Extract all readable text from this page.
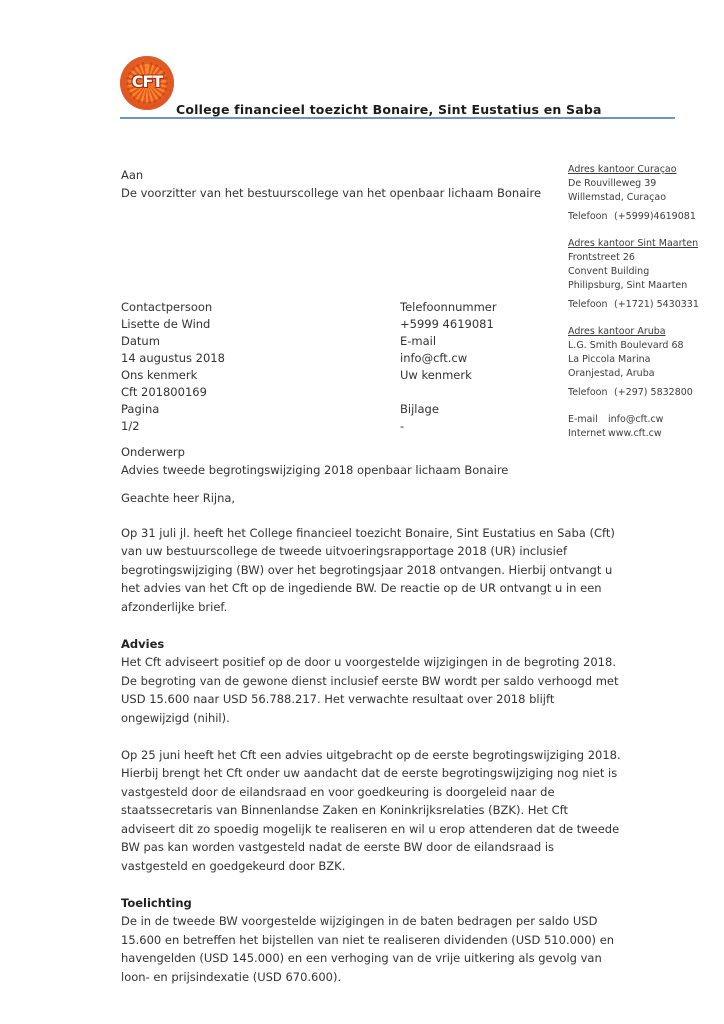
CFT
College financieel toezicht Bonaire, Sint Eustatius en Saba
Aan
De voorzitter van het bestuurscollege van het openbaar lichaam Bonaire
Adres kantoor Curaçao
De Rouvilleweg 39
Willemstad, Curaçao
Telefoon (+5999)4619081
Adres kantoor Sint Maarten
Frontstreet 26
Convent Building
Philipsburg, Sint Maarten
Telefoon (+1721) 5430331
Adres kantoor Aruba
L.G. Smith Boulevard 68
La Piccola Marina
Oranjestad, Aruba
Telefoon (+297) 5832800
E-mail info@cft.cw
Internet www.cft.cw
Contactpersoon
Lisette de Wind
Datum
14 augustus 2018
Ons kenmerk
Cft 201800169
Pagina
1/2
Telefoonnummer
+5999 4619081
E-mail
info@cft.cw
Uw kenmerk
Bijlage
-
Onderwerp
Advies tweede begrotingswijziging 2018 openbaar lichaam Bonaire
Geachte heer Rijna,

Op 31 juli jl. heeft het College financieel toezicht Bonaire, Sint Eustatius en Saba (Cft) van uw bestuurscollege de tweede uitvoeringsrapportage 2018 (UR) inclusief begrotingswijziging (BW) over het begrotingsjaar 2018 ontvangen. Hierbij ontvangt u het advies van het Cft op de ingediende BW. De reactie op de UR ontvangt u in een afzonderlijke brief.

Advies

Het Cft adviseert positief op de door u voorgestelde wijzigingen in de begroting 2018. De begroting van de gewone dienst inclusief eerste BW wordt per saldo verhoogd met USD 15.600 naar USD 56.788.217. Het verwachte resultaat over 2018 blijft ongewijzigd (nihil).

Op 25 juni heeft het Cft een advies uitgebracht op de eerste begrotingswijziging 2018. Hierbij brengt het Cft onder uw aandacht dat de eerste begrotingswijziging nog niet is vastgesteld door de eilandsraad en voor goedkeuring is doorgeleid naar de staatssecretaris van Binnenlandse Zaken en Koninkrijksrelaties (BZK). Het Cft adviseert dit zo spoedig mogelijk te realiseren en wil u erop attenderen dat de tweede BW pas kan worden vastgesteld nadat de eerste BW door de eilandsraad is vastgesteld en goedgekeurd door BZK.

Toelichting

De in de tweede BW voorgestelde wijzigingen in de baten bedragen per saldo USD 15.600 en betreffen het bijstellen van niet te realiseren dividenden (USD 510.000) en havengelden (USD 145.000) en een verhoging van de vrije uitkering als gevolg van loon- en prijsindexatie (USD 670.600).
